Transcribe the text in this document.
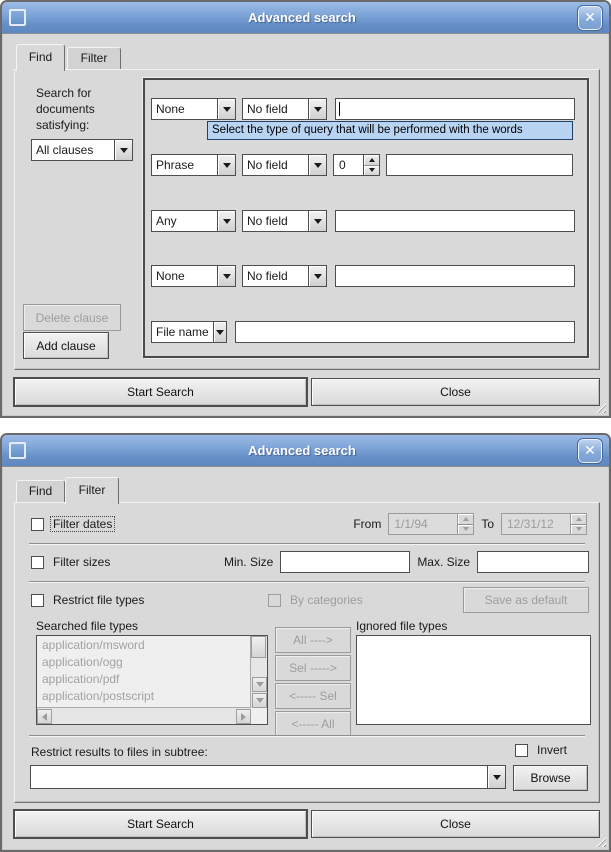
Advanced search	✕
Find	Filter
Search for
documents
satisfying:
All clauses
None	No field
Phrase	No field	0
Any	No field
None	No field
File name
Delete clause
Add clause
Select the type of query that will be performed with the words
Start Search	Close
Advanced search	✕
Find	Filter
Filter dates	From	1/1/94	To	12/31/12
Filter sizes	Min. Size	Max. Size
Restrict file types	By categories	Save as default
Searched file types
application/msword
application/ogg
application/pdf
application/postscript
All ---->
Sel ----->
<----- Sel
<----- All
Ignored file types
Restrict results to files in subtree:	Invert
Browse
Start Search	Close
